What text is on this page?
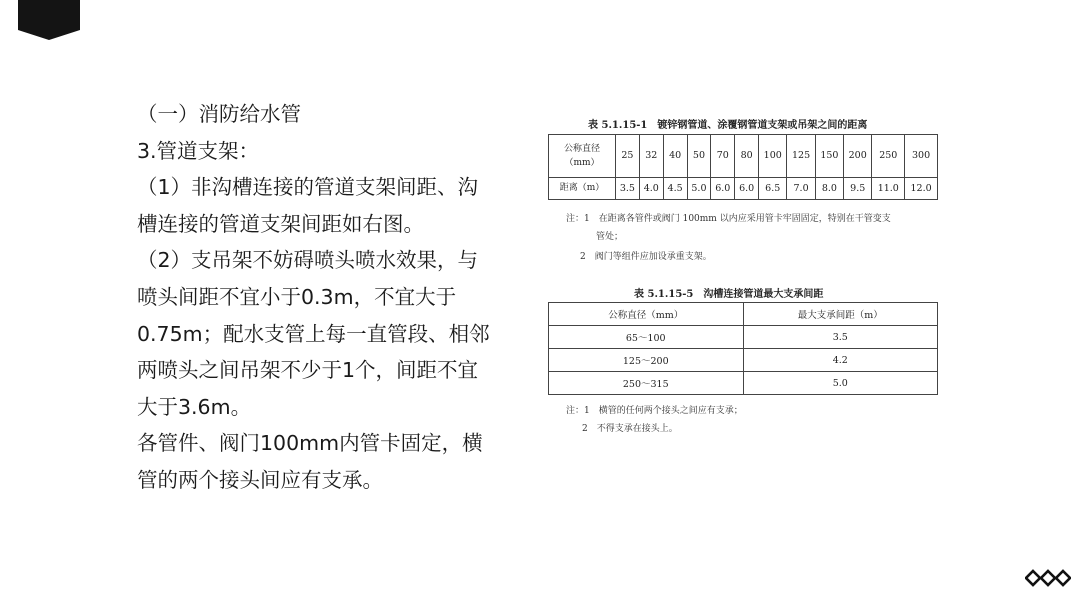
（一）消防给水管
3.管道支架：
（1）非沟槽连接的管道支架间距、沟
槽连接的管道支架间距如右图。
（2）支吊架不妨碍喷头喷水效果，与
喷头间距不宜小于0.3m，不宜大于
0.75m；配水支管上每一直管段、相邻
两喷头之间吊架不少于1个，间距不宜
大于3.6m。
各管件、阀门100mm内管卡固定，横
管的两个接头间应有支承。
表 5.1.15-1　镀锌钢管道、涂覆钢管道支架或吊架之间的距离
公称直径（mm）	25	32	40	50	70	80	100	125	150	200	250	300
距离（m）	3.5	4.0	4.5	5.0	6.0	6.0	6.5	7.0	8.0	9.5	11.0	12.0
注：1　在距离各管件或阀门 100mm 以内应采用管卡牢固固定，特别在干管变支
管处；
2　阀门等组件应加设承重支架。
表 5.1.15-5　沟槽连接管道最大支承间距
公称直径（mm）	最大支承间距（m）
65～100	3.5
125～200	4.2
250～315	5.0
注：1　横管的任何两个接头之间应有支承；
2　不得支承在接头上。
